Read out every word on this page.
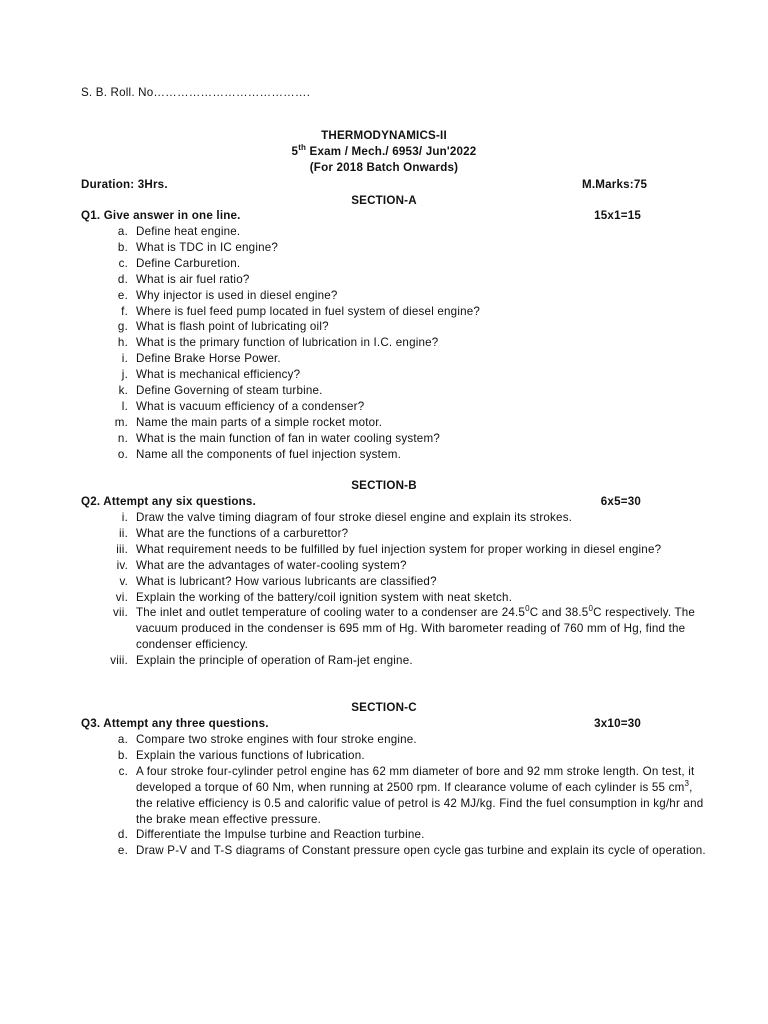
S. B. Roll. No………………………………….
THERMODYNAMICS-II
5th Exam / Mech./ 6953/ Jun'2022
(For 2018 Batch Onwards)
Duration: 3Hrs.	M.Marks:75
SECTION-A
Q1. Give answer in one line.	15x1=15
a. Define heat engine.
b. What is TDC in IC engine?
c. Define Carburetion.
d. What is air fuel ratio?
e. Why injector is used in diesel engine?
f. Where is fuel feed pump located in fuel system of diesel engine?
g. What is flash point of lubricating oil?
h. What is the primary function of lubrication in I.C. engine?
i. Define Brake Horse Power.
j. What is mechanical efficiency?
k. Define Governing of steam turbine.
l. What is vacuum efficiency of a condenser?
m. Name the main parts of a simple rocket motor.
n. What is the main function of fan in water cooling system?
o. Name all the components of fuel injection system.
SECTION-B
Q2. Attempt any six questions.	6x5=30
i. Draw the valve timing diagram of four stroke diesel engine and explain its strokes.
ii. What are the functions of a carburettor?
iii. What requirement needs to be fulfilled by fuel injection system for proper working in diesel engine?
iv. What are the advantages of water-cooling system?
v. What is lubricant? How various lubricants are classified?
vi. Explain the working of the battery/coil ignition system with neat sketch.
vii. The inlet and outlet temperature of cooling water to a condenser are 24.5$^0$C and 38.5$^0$C respectively. The vacuum produced in the condenser is 695 mm of Hg. With barometer reading of 760 mm of Hg, find the condenser efficiency.
viii. Explain the principle of operation of Ram-jet engine.
SECTION-C
Q3. Attempt any three questions.	3x10=30
a. Compare two stroke engines with four stroke engine.
b. Explain the various functions of lubrication.
c. A four stroke four-cylinder petrol engine has 62 mm diameter of bore and 92 mm stroke length. On test, it developed a torque of 60 Nm, when running at 2500 rpm. If clearance volume of each cylinder is 55 $cm^3$, the relative efficiency is 0.5 and calorific value of petrol is 42 MJ/kg. Find the fuel consumption in kg/hr and the brake mean effective pressure.
d. Differentiate the Impulse turbine and Reaction turbine.
e. Draw P-V and T-S diagrams of Constant pressure open cycle gas turbine and explain its cycle of operation.
